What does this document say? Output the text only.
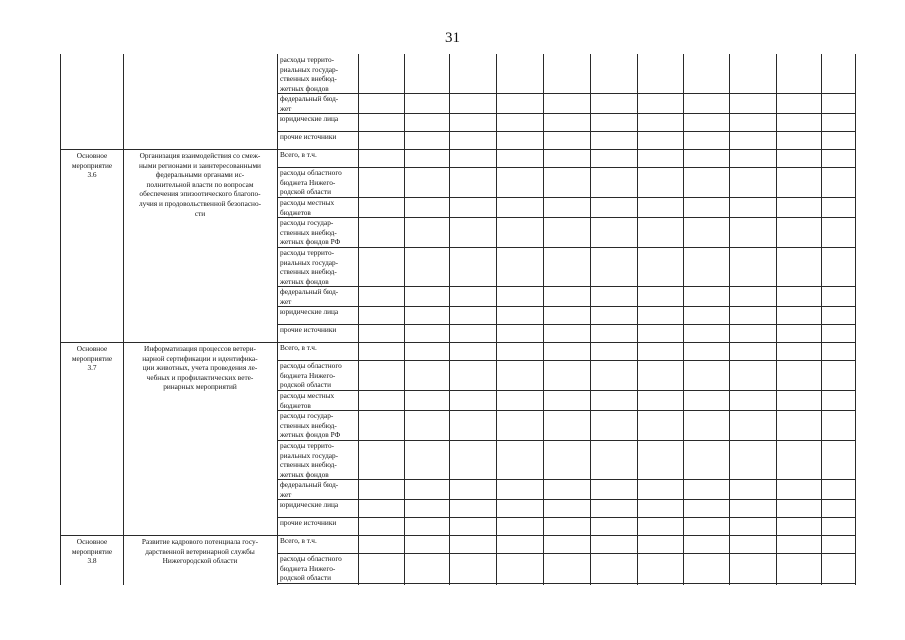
31
расходы террито-
риальных государ-
ственных внебюд-
жетных фондов
федеральный бюд-
жет
юридические лица
прочие источники
Основное
мероприятие
3.6
Организация взаимодействия со смеж-
ными регионами и заинтересованными
федеральными органами ис-
полнительной власти по вопросам
обеспечения эпизоотического благопо-
лучия и продовольственной безопасно-
сти
Всего, в т.ч.
расходы областного
бюджета Нижего-
родской области
расходы местных
бюджетов
расходы государ-
ственных внебюд-
жетных фондов РФ
расходы террито-
риальных государ-
ственных внебюд-
жетных фондов
федеральный бюд-
жет
юридические лица
прочие источники
Основное
мероприятие
3.7
Информатизация процессов ветери-
нарной сертификации и идентифика-
ции животных, учета проведения ле-
чебных и профилактических вете-
ринарных мероприятий
Всего, в т.ч.
расходы областного
бюджета Нижего-
родской области
расходы местных
бюджетов
расходы государ-
ственных внебюд-
жетных фондов РФ
расходы террито-
риальных государ-
ственных внебюд-
жетных фондов
федеральный бюд-
жет
юридические лица
прочие источники
Основное
мероприятие
3.8
Развитие кадрового потенциала госу-
дарственной ветеринарной службы
Нижегородской области
Всего, в т.ч.
расходы областного
бюджета Нижего-
родской области
